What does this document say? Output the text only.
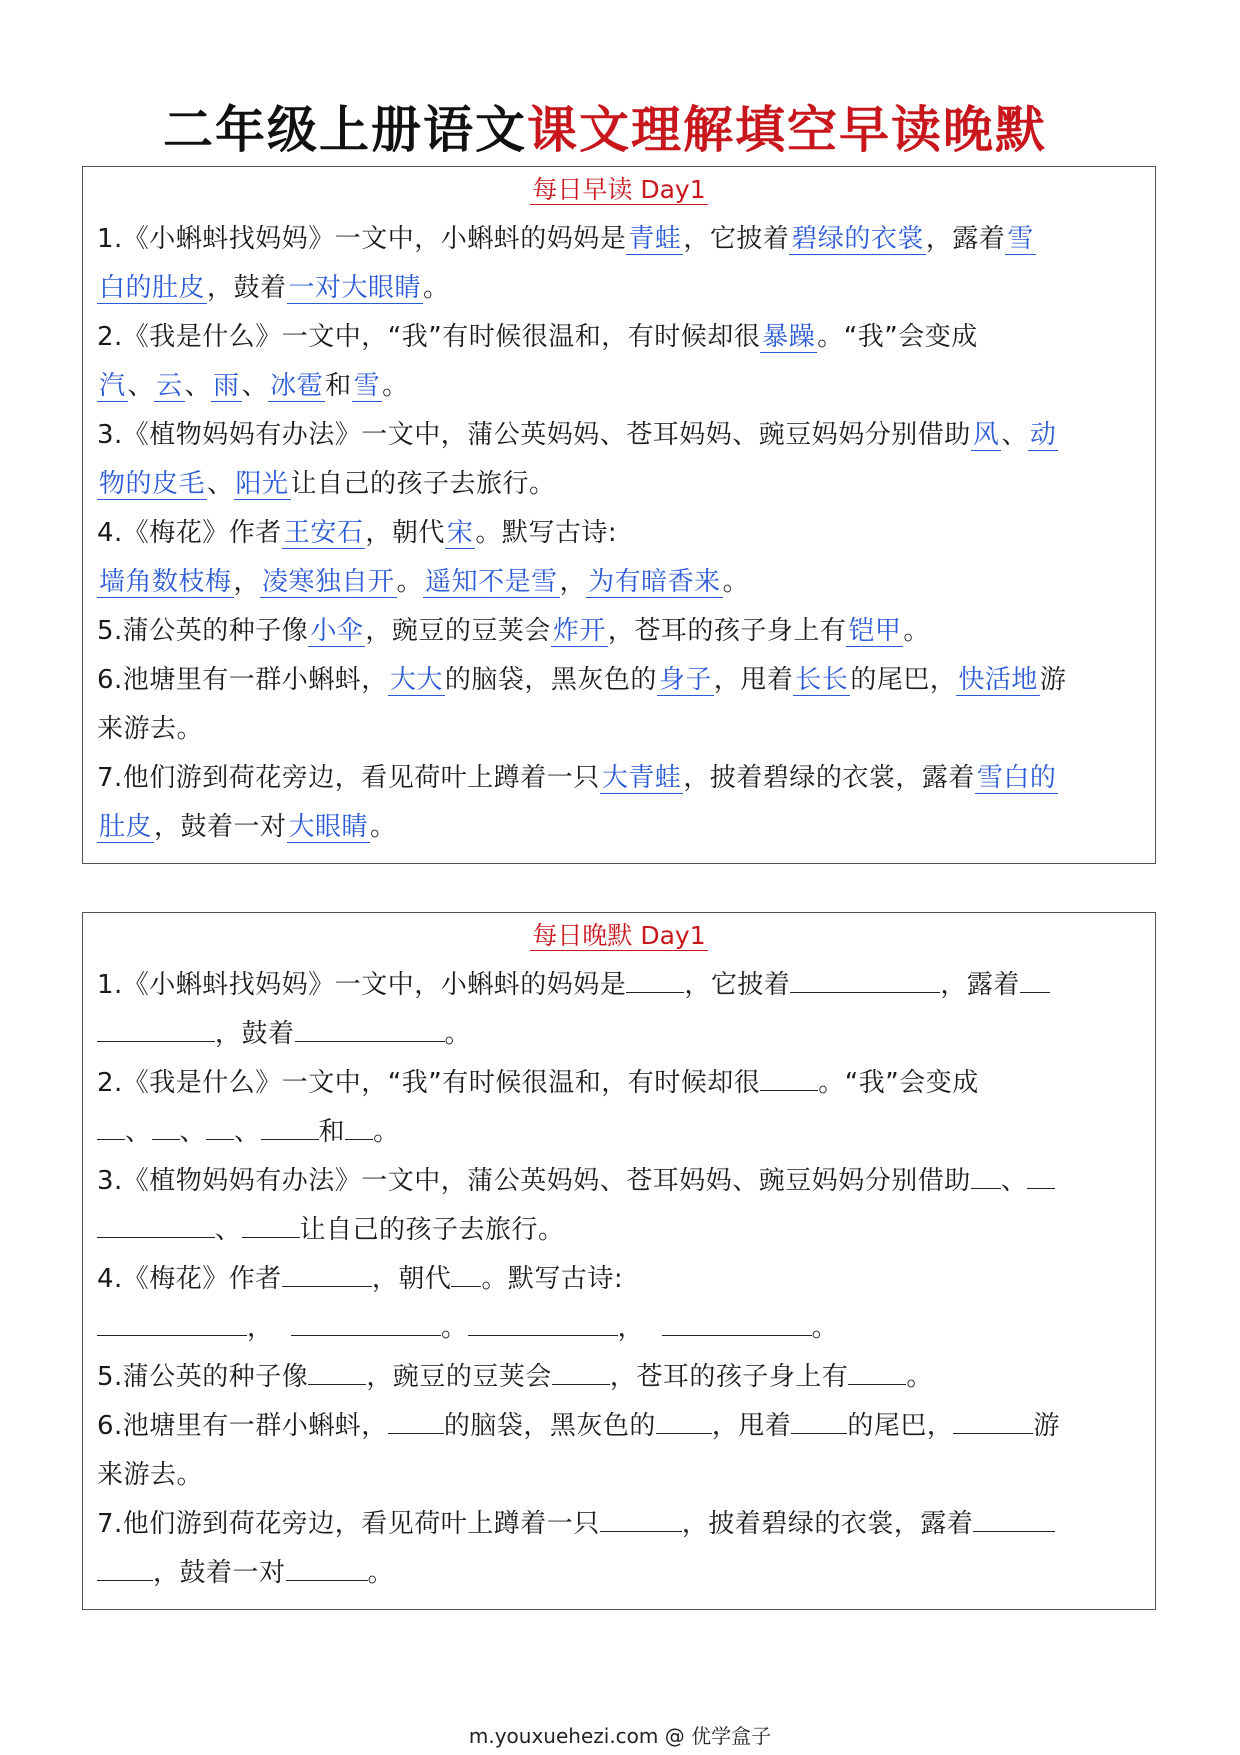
二年级上册语文课文理解填空早读晚默
每日早读 Day1
1.《小蝌蚪找妈妈》一文中，小蝌蚪的妈妈是青蛙，它披着碧绿的衣裳，露着雪
白的肚皮，鼓着一对大眼睛。
2.《我是什么》一文中，“我”有时候很温和，有时候却很暴躁。“我”会变成
汽、云、雨、冰雹和雪。
3.《植物妈妈有办法》一文中，蒲公英妈妈、苍耳妈妈、豌豆妈妈分别借助风、动
物的皮毛、阳光让自己的孩子去旅行。
4.《梅花》作者王安石，朝代宋。默写古诗:
墙角数枝梅，凌寒独自开。遥知不是雪，为有暗香来。
5.蒲公英的种子像小伞，豌豆的豆荚会炸开，苍耳的孩子身上有铠甲。
6.池塘里有一群小蝌蚪，大大的脑袋，黑灰色的身子，甩着长长的尾巴，快活地游
来游去。
7.他们游到荷花旁边，看见荷叶上蹲着一只大青蛙，披着碧绿的衣裳，露着雪白的
肚皮，鼓着一对大眼睛。
每日晚默 Day1
1.《小蝌蚪找妈妈》一文中，小蝌蚪的妈妈是 ，它披着	，露着
，鼓着	。
2.《我是什么》一文中，“我”有时候很温和，有时候却很 。“我”会变成
、 、 、 和 。
3.《植物妈妈有办法》一文中，蒲公英妈妈、苍耳妈妈、豌豆妈妈分别借助 、
、 让自己的孩子去旅行。
4.《梅花》作者	，朝代 。默写古诗:
，	。	，	。
5.蒲公英的种子像 ，豌豆的豆荚会 ，苍耳的孩子身上有 。
6.池塘里有一群小蝌蚪， 的脑袋，黑灰色的 ，甩着 的尾巴，	游
来游去。
7.他们游到荷花旁边，看见荷叶上蹲着一只	，披着碧绿的衣裳，露着
，鼓着一对	。
m.youxuehezi.com @ 优学盒子
